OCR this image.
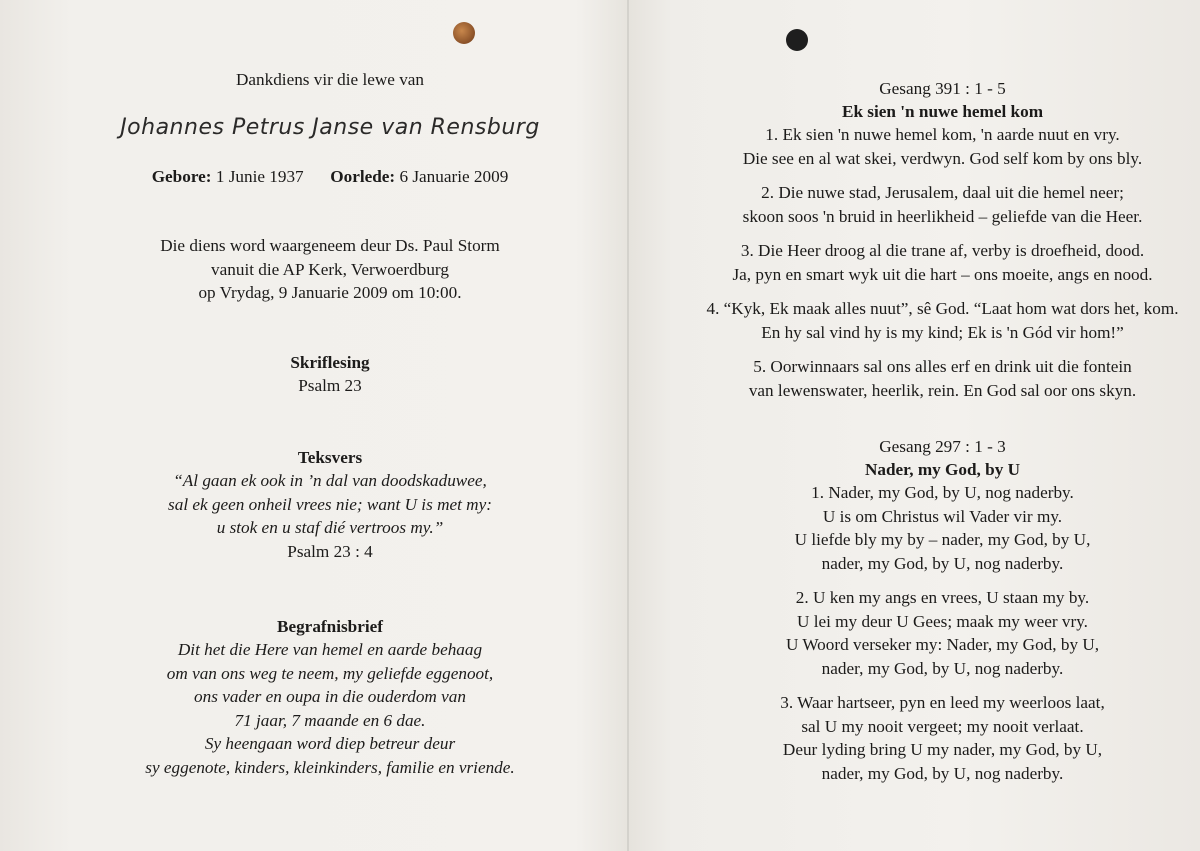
Dankdiens vir die lewe van
Johannes Petrus Janse van Rensburg
Gebore: 1 Junie 1937 Oorlede: 6 Januarie 2009
Die diens word waargeneem deur Ds. Paul Storm
vanuit die AP Kerk, Verwoerdburg
op Vrydag, 9 Januarie 2009 om 10:00.
Skriflesing
Psalm 23
Teksvers
“Al gaan ek ook in ’n dal van doodskaduwee,
sal ek geen onheil vrees nie; want U is met my:
u stok en u staf dié vertroos my.”
Psalm 23 : 4
Begrafnisbrief
Dit het die Here van hemel en aarde behaag
om van ons weg te neem, my geliefde eggenoot,
ons vader en oupa in die ouderdom van
71 jaar, 7 maande en 6 dae.
Sy heengaan word diep betreur deur
sy eggenote, kinders, kleinkinders, familie en vriende.
Gesang 391 : 1 - 5
Ek sien 'n nuwe hemel kom
1. Ek sien 'n nuwe hemel kom, 'n aarde nuut en vry.
Die see en al wat skei, verdwyn. God self kom by ons bly.
2. Die nuwe stad, Jerusalem, daal uit die hemel neer;
skoon soos 'n bruid in heerlikheid – geliefde van die Heer.
3. Die Heer droog al die trane af, verby is droefheid, dood.
Ja, pyn en smart wyk uit die hart – ons moeite, angs en nood.
4. “Kyk, Ek maak alles nuut”, sê God. “Laat hom wat dors het, kom.
En hy sal vind hy is my kind; Ek is 'n Gód vir hom!”
5. Oorwinnaars sal ons alles erf en drink uit die fontein
van lewenswater, heerlik, rein. En God sal oor ons skyn.
Gesang 297 : 1 - 3
Nader, my God, by U
1. Nader, my God, by U, nog naderby.
U is om Christus wil Vader vir my.
U liefde bly my by – nader, my God, by U,
nader, my God, by U, nog naderby.
2. U ken my angs en vrees, U staan my by.
U lei my deur U Gees; maak my weer vry.
U Woord verseker my: Nader, my God, by U,
nader, my God, by U, nog naderby.
3. Waar hartseer, pyn en leed my weerloos laat,
sal U my nooit vergeet; my nooit verlaat.
Deur lyding bring U my nader, my God, by U,
nader, my God, by U, nog naderby.
